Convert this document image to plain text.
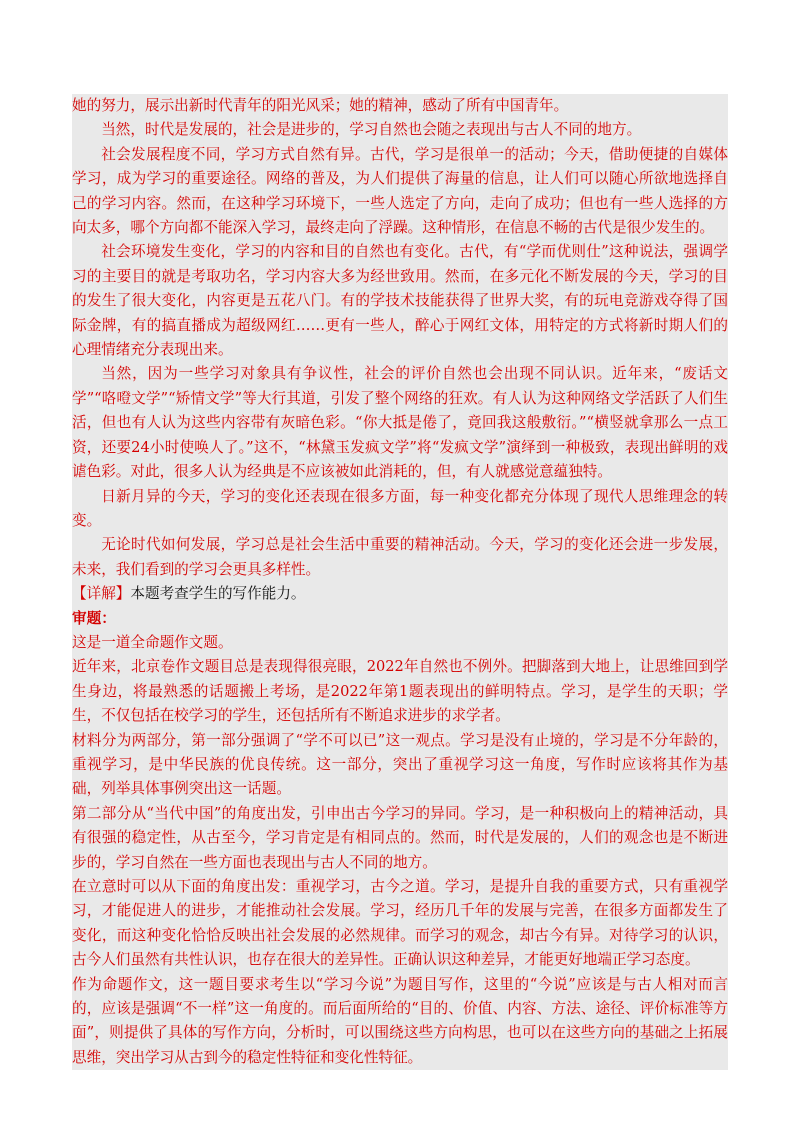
她的努力，展示出新时代青年的阳光风采；她的精神，感动了所有中国青年。

当然，时代是发展的，社会是进步的，学习自然也会随之表现出与古人不同的地方。

社会发展程度不同，学习方式自然有异。古代，学习是很单一的活动；今天，借助便捷的自媒体学习，成为学习的重要途径。网络的普及，为人们提供了海量的信息，让人们可以随心所欲地选择自己的学习内容。然而，在这种学习环境下，一些人选定了方向，走向了成功；但也有一些人选择的方向太多，哪个方向都不能深入学习，最终走向了浮躁。这种情形，在信息不畅的古代是很少发生的。

社会环境发生变化，学习的内容和目的自然也有变化。古代，有“学而优则仕”这种说法，强调学习的主要目的就是考取功名，学习内容大多为经世致用。然而，在多元化不断发展的今天，学习的目的发生了很大变化，内容更是五花八门。有的学技术技能获得了世界大奖，有的玩电竞游戏夺得了国际金牌，有的搞直播成为超级网红……更有一些人，醉心于网红文体，用特定的方式将新时期人们的心理情绪充分表现出来。

当然，因为一些学习对象具有争议性，社会的评价自然也会出现不同认识。近年来，“废话文学”“咯噔文学”“矫情文学”等大行其道，引发了整个网络的狂欢。有人认为这种网络文学活跃了人们生活，但也有人认为这些内容带有灰暗色彩。“你大抵是倦了，竟回我这般敷衍。”“横竖就拿那么一点工资，还要24小时使唤人了。”这不，“林黛玉发疯文学”将“发疯文学”演绎到一种极致，表现出鲜明的戏谑色彩。对此，很多人认为经典是不应该被如此消耗的，但，有人就感觉意蕴独特。

日新月异的今天，学习的变化还表现在很多方面，每一种变化都充分体现了现代人思维理念的转变。

无论时代如何发展，学习总是社会生活中重要的精神活动。今天，学习的变化还会进一步发展，未来，我们看到的学习会更具多样性。

【详解】本题考查学生的写作能力。

审题：

这是一道全命题作文题。

近年来，北京卷作文题目总是表现得很亮眼，2022年自然也不例外。把脚落到大地上，让思维回到学生身边，将最熟悉的话题搬上考场，是2022年第1题表现出的鲜明特点。学习，是学生的天职；学生，不仅包括在校学习的学生，还包括所有不断追求进步的求学者。

材料分为两部分，第一部分强调了“学不可以已”这一观点。学习是没有止境的，学习是不分年龄的，重视学习，是中华民族的优良传统。这一部分，突出了重视学习这一角度，写作时应该将其作为基础，列举具体事例突出这一话题。

第二部分从“当代中国”的角度出发，引申出古今学习的异同。学习，是一种积极向上的精神活动，具有很强的稳定性，从古至今，学习肯定是有相同点的。然而，时代是发展的，人们的观念也是不断进步的，学习自然在一些方面也表现出与古人不同的地方。

在立意时可以从下面的角度出发：重视学习，古今之道。学习，是提升自我的重要方式，只有重视学习，才能促进人的进步，才能推动社会发展。学习，经历几千年的发展与完善，在很多方面都发生了变化，而这种变化恰恰反映出社会发展的必然规律。而学习的观念，却古今有异。对待学习的认识，古今人们虽然有共性认识，也存在很大的差异性。正确认识这种差异，才能更好地端正学习态度。

作为命题作文，这一题目要求考生以“学习今说”为题目写作，这里的“今说”应该是与古人相对而言的，应该是强调“不一样”这一角度的。而后面所给的“目的、价值、内容、方法、途径、评价标准等方面”，则提供了具体的写作方向，分析时，可以围绕这些方向构思，也可以在这些方向的基础之上拓展思维，突出学习从古到今的稳定性特征和变化性特征。
